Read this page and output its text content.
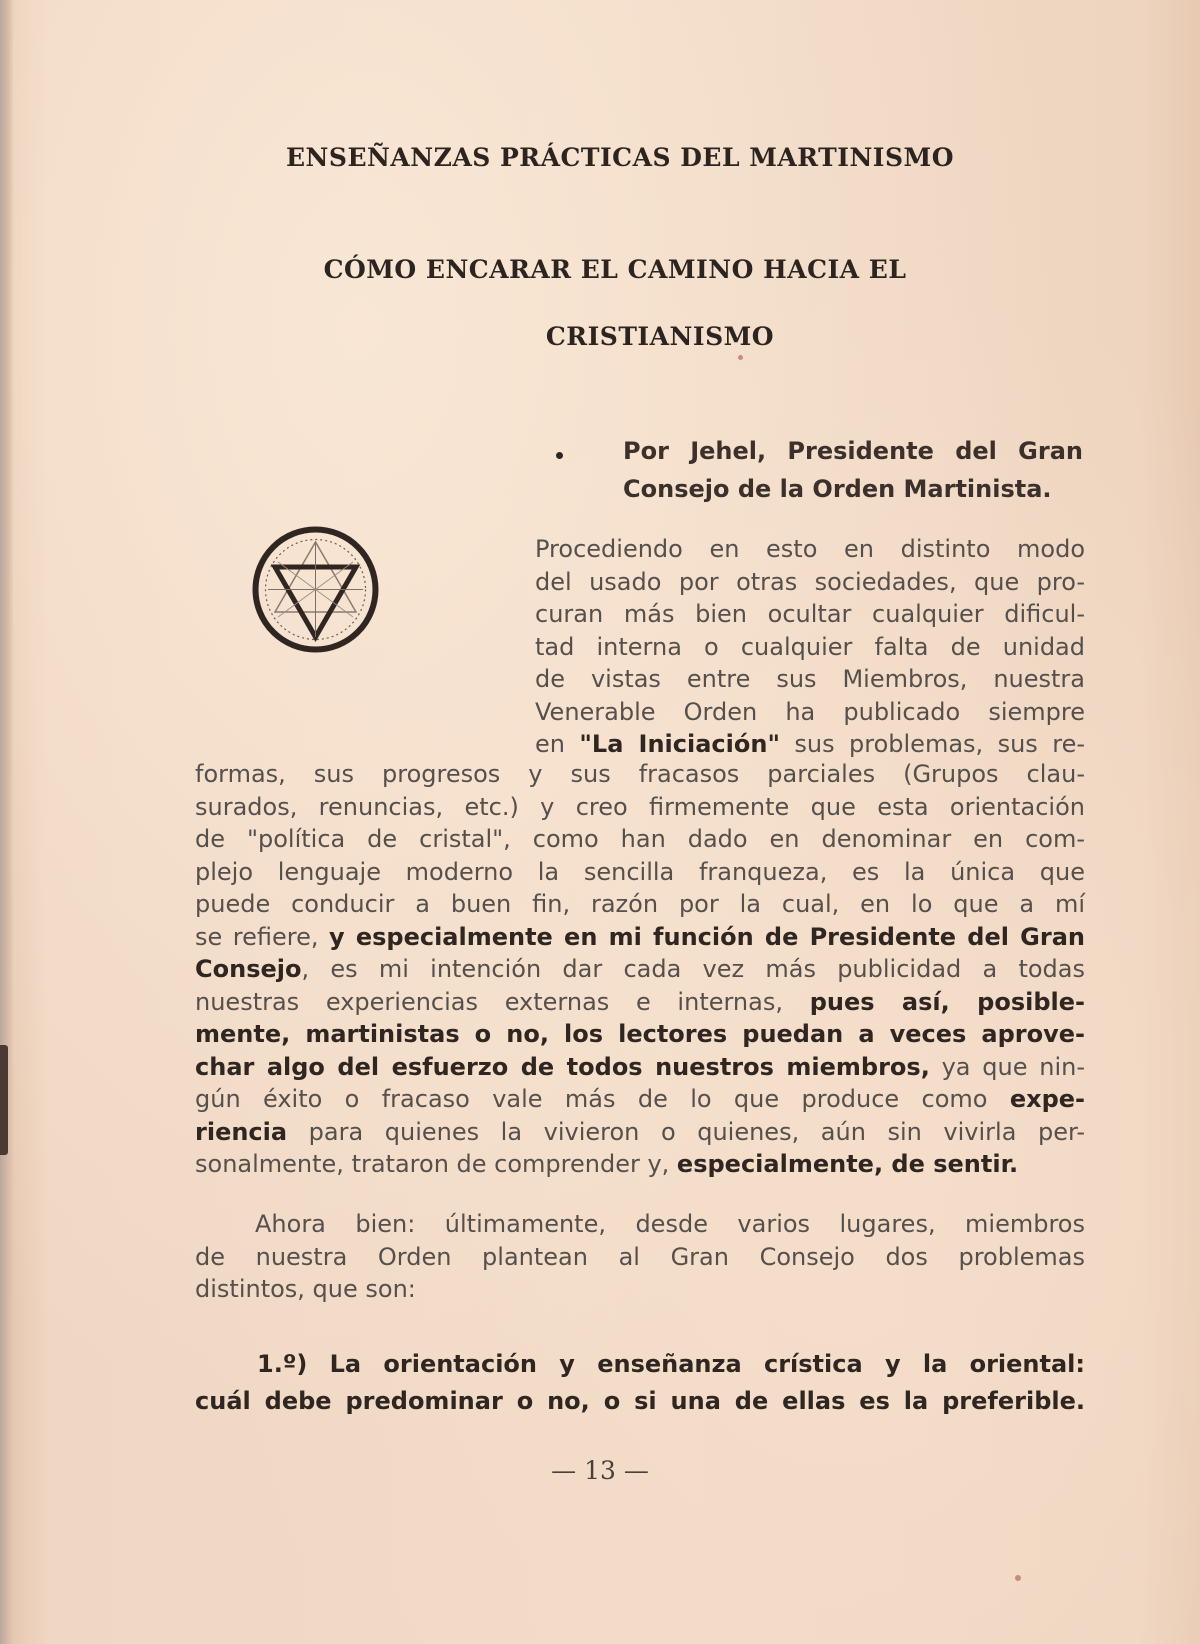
ENSEÑANZAS PRÁCTICAS DEL MARTINISMO
CÓMO ENCARAR EL CAMINO HACIA EL
CRISTIANISMO
Por Jehel, Presidente del Gran
Consejo de la Orden Martinista.
Procediendo en esto en distinto modo
del usado por otras sociedades, que pro-
curan más bien ocultar cualquier dificul-
tad interna o cualquier falta de unidad
de vistas entre sus Miembros, nuestra
Venerable Orden ha publicado siempre
en "La Iniciación" sus problemas, sus re-
formas, sus progresos y sus fracasos parciales (Grupos clau-
surados, renuncias, etc.) y creo firmemente que esta orientación
de "política de cristal", como han dado en denominar en com-
plejo lenguaje moderno la sencilla franqueza, es la única que
puede conducir a buen fin, razón por la cual, en lo que a mí
se refiere, y especialmente en mi función de Presidente del Gran
Consejo, es mi intención dar cada vez más publicidad a todas
nuestras experiencias externas e internas, pues así, posible-
mente, martinistas o no, los lectores puedan a veces aprove-
char algo del esfuerzo de todos nuestros miembros, ya que nin-
gún éxito o fracaso vale más de lo que produce como expe-
riencia para quienes la vivieron o quienes, aún sin vivirla per-
sonalmente, trataron de comprender y, especialmente, de sentir.
Ahora bien: últimamente, desde varios lugares, miembros
de nuestra Orden plantean al Gran Consejo dos problemas
distintos, que son:
1.º) La orientación y enseñanza crística y la oriental:
cuál debe predominar o no, o si una de ellas es la preferible.
— 13 —
